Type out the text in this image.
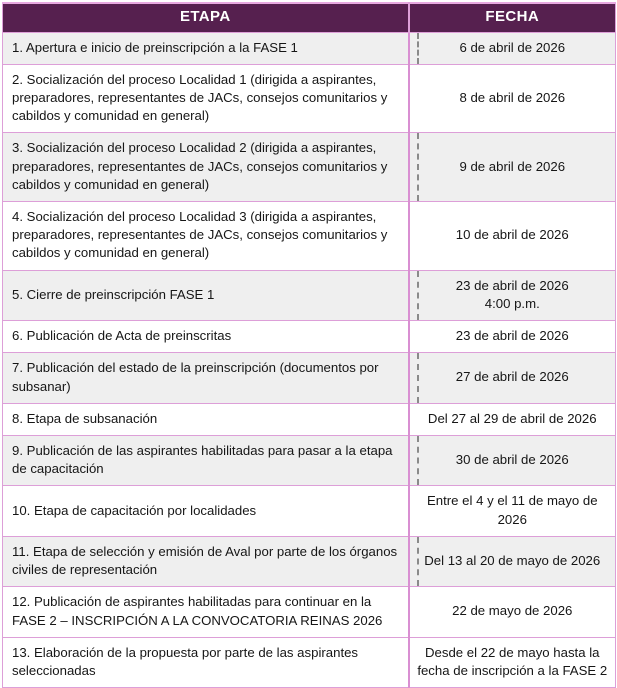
ETAPA	FECHA
1. Apertura e inicio de preinscripción a la FASE 1	6 de abril de 2026
2. Socialización del proceso Localidad 1 (dirigida a aspirantes, preparadores, representantes de JACs, consejos comunitarios y cabildos y comunidad en general)	8 de abril de 2026
3. Socialización del proceso Localidad 2 (dirigida a aspirantes, preparadores, representantes de JACs, consejos comunitarios y cabildos y comunidad en general)	9 de abril de 2026
4. Socialización del proceso Localidad 3 (dirigida a aspirantes, preparadores, representantes de JACs, consejos comunitarios y cabildos y comunidad en general)	10 de abril de 2026
5. Cierre de preinscripción FASE 1	23 de abril de 2026
4:00 p.m.
6. Publicación de Acta de preinscritas	23 de abril de 2026
7. Publicación del estado de la preinscripción (documentos por subsanar)	27 de abril de 2026
8. Etapa de subsanación	Del 27 al 29 de abril de 2026
9. Publicación de las aspirantes habilitadas para pasar a la etapa de capacitación	30 de abril de 2026
10. Etapa de capacitación por localidades	Entre el 4 y el 11 de mayo de 2026
11. Etapa de selección y emisión de Aval por parte de los órganos civiles de representación	Del 13 al 20 de mayo de 2026
12. Publicación de aspirantes habilitadas para continuar en la FASE 2 – INSCRIPCIÓN A LA CONVOCATORIA REINAS 2026	22 de mayo de 2026
13. Elaboración de la propuesta por parte de las aspirantes seleccionadas	Desde el 22 de mayo hasta la fecha de inscripción a la FASE 2
